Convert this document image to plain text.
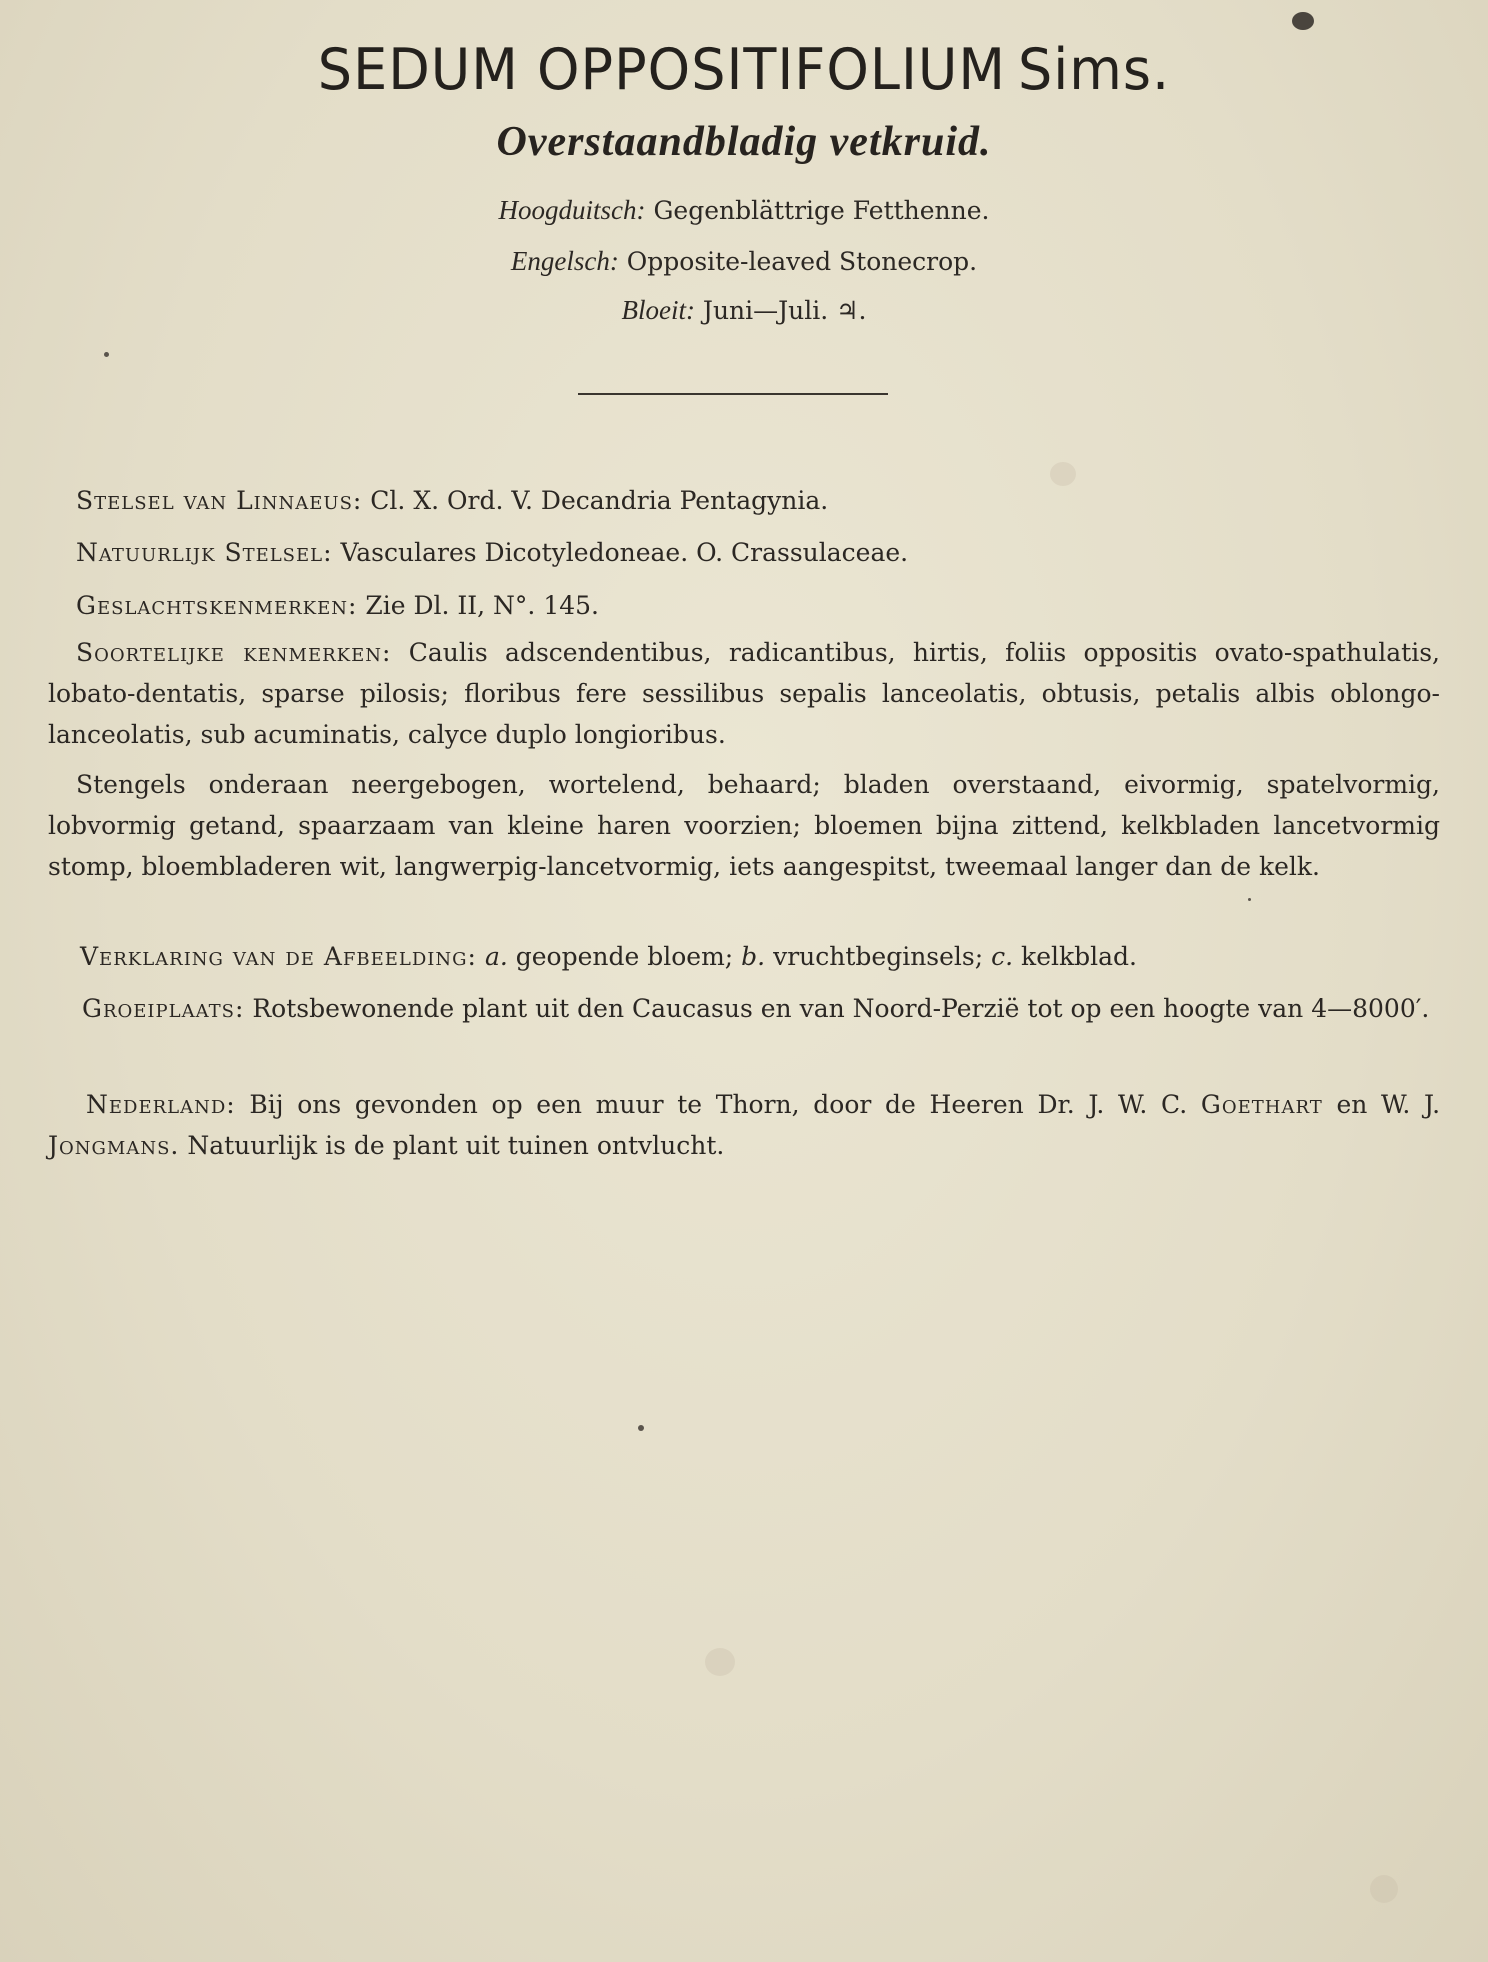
SEDUM OPPOSITIFOLIUM Sims.
Overstaandbladig vetkruid.
Hoogduitsch: Gegenblättrige Fetthenne.
Engelsch: Opposite-leaved Stonecrop.
Bloeit: Juni—Juli. ♃.
Stelsel van Linnaeus: Cl. X. Ord. V. Decandria Pentagynia.
Natuurlijk Stelsel: Vasculares Dicotyledoneae. O. Crassulaceae.
Geslachtskenmerken: Zie Dl. II, N°. 145.
Soortelijke kenmerken: Caulis adscendentibus, radicantibus, hirtis, foliis oppositis ovato-spathulatis, lobato-dentatis, sparse pilosis; floribus fere sessilibus sepalis lanceolatis, obtusis, petalis albis oblongo-lanceolatis, sub acuminatis, calyce duplo longioribus.
Stengels onderaan neergebogen, wortelend, behaard; bladen overstaand, eivormig, spatelvormig, lobvormig getand, spaarzaam van kleine haren voorzien; bloemen bijna zittend, kelkbladen lancetvormig stomp, bloembladeren wit, langwerpig-lancetvormig, iets aangespitst, tweemaal langer dan de kelk.
Verklaring van de Afbeelding: a. geopende bloem; b. vruchtbeginsels; c. kelkblad.
Groeiplaats: Rotsbewonende plant uit den Caucasus en van Noord-Perzië tot op een hoogte van 4—8000′.
Nederland: Bij ons gevonden op een muur te Thorn, door de Heeren Dr. J. W. C. Goethart en W. J. Jongmans. Natuurlijk is de plant uit tuinen ontvlucht.
